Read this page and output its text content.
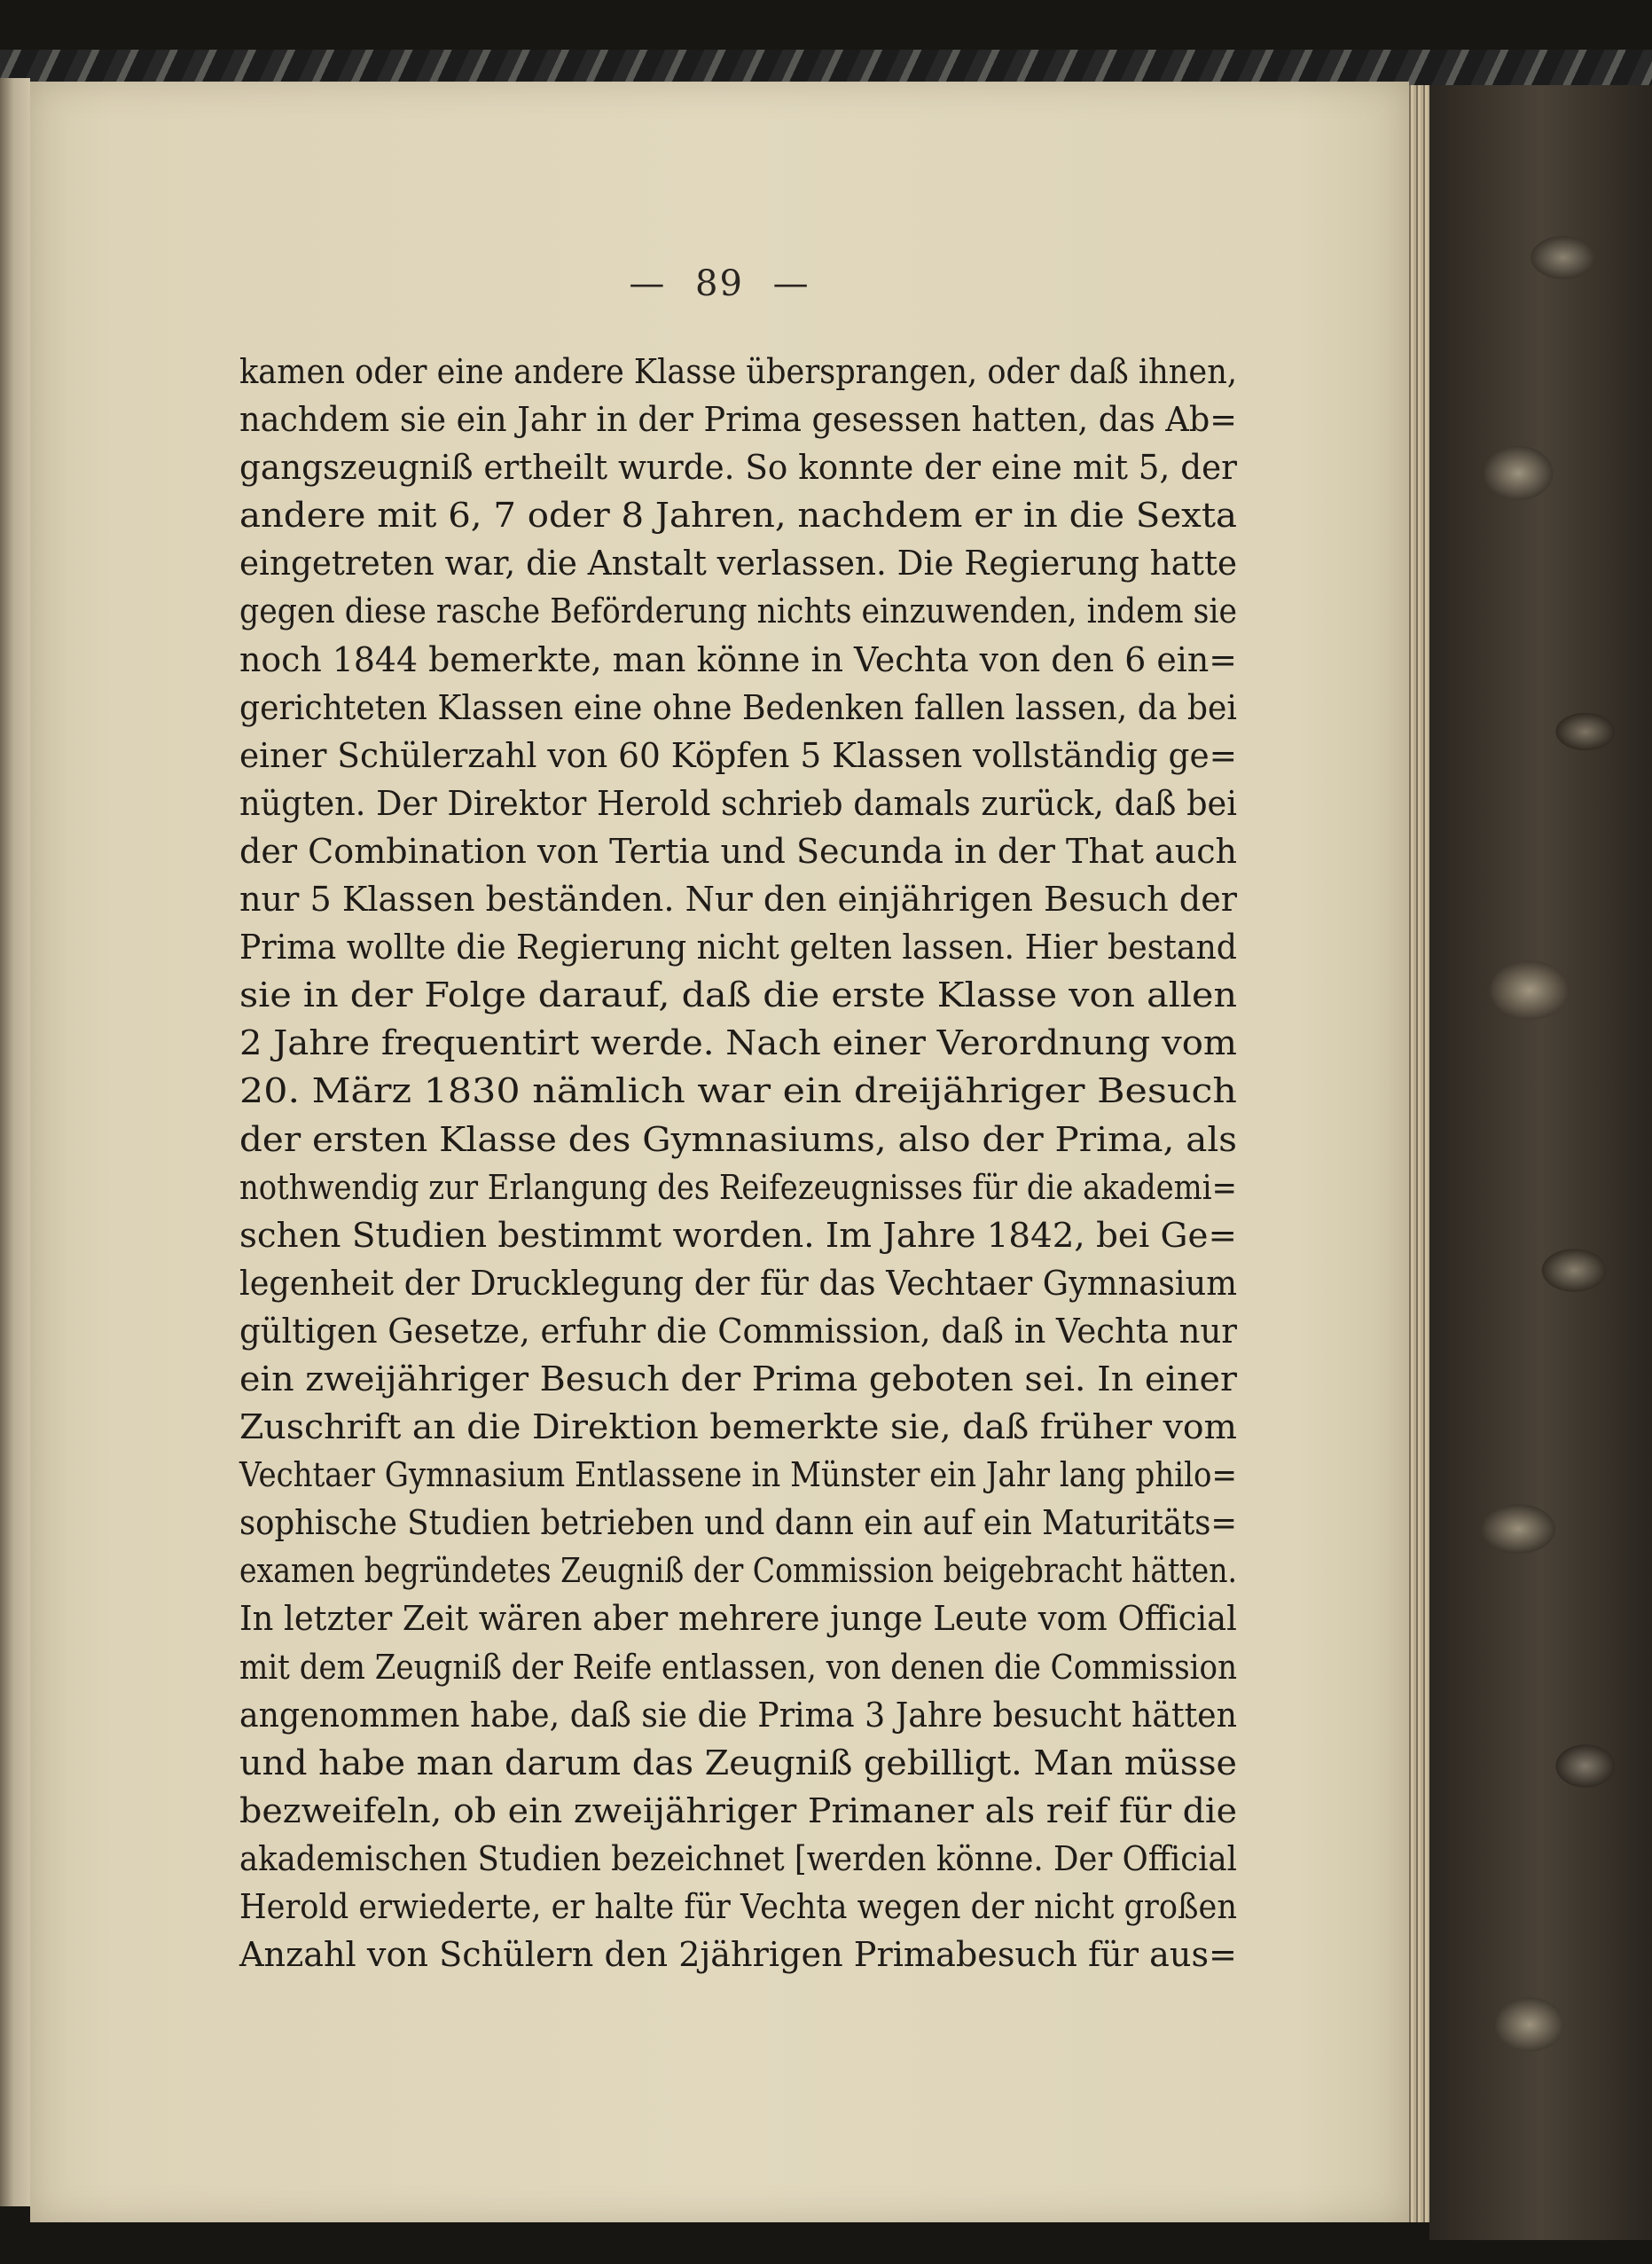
— 89 —
kamen oder eine andere Klasse übersprangen, oder daß ihnen,
nachdem sie ein Jahr in der Prima gesessen hatten, das Ab=
gangszeugniß ertheilt wurde. So konnte der eine mit 5, der
andere mit 6, 7 oder 8 Jahren, nachdem er in die Sexta
eingetreten war, die Anstalt verlassen. Die Regierung hatte
gegen diese rasche Beförderung nichts einzuwenden, indem sie
noch 1844 bemerkte, man könne in Vechta von den 6 ein=
gerichteten Klassen eine ohne Bedenken fallen lassen, da bei
einer Schülerzahl von 60 Köpfen 5 Klassen vollständig ge=
nügten. Der Direktor Herold schrieb damals zurück, daß bei
der Combination von Tertia und Secunda in der That auch
nur 5 Klassen beständen. Nur den einjährigen Besuch der
Prima wollte die Regierung nicht gelten lassen. Hier bestand
sie in der Folge darauf, daß die erste Klasse von allen
2 Jahre frequentirt werde. Nach einer Verordnung vom
20. März 1830 nämlich war ein dreijähriger Besuch
der ersten Klasse des Gymnasiums, also der Prima, als
nothwendig zur Erlangung des Reifezeugnisses für die akademi=
schen Studien bestimmt worden. Im Jahre 1842, bei Ge=
legenheit der Drucklegung der für das Vechtaer Gymnasium
gültigen Gesetze, erfuhr die Commission, daß in Vechta nur
ein zweijähriger Besuch der Prima geboten sei. In einer
Zuschrift an die Direktion bemerkte sie, daß früher vom
Vechtaer Gymnasium Entlassene in Münster ein Jahr lang philo=
sophische Studien betrieben und dann ein auf ein Maturitäts=
examen begründetes Zeugniß der Commission beigebracht hätten.
In letzter Zeit wären aber mehrere junge Leute vom Official
mit dem Zeugniß der Reife entlassen, von denen die Commission
angenommen habe, daß sie die Prima 3 Jahre besucht hätten
und habe man darum das Zeugniß gebilligt. Man müsse
bezweifeln, ob ein zweijähriger Primaner als reif für die
akademischen Studien bezeichnet [werden könne. Der Official
Herold erwiederte, er halte für Vechta wegen der nicht großen
Anzahl von Schülern den 2jährigen Primabesuch für aus=
